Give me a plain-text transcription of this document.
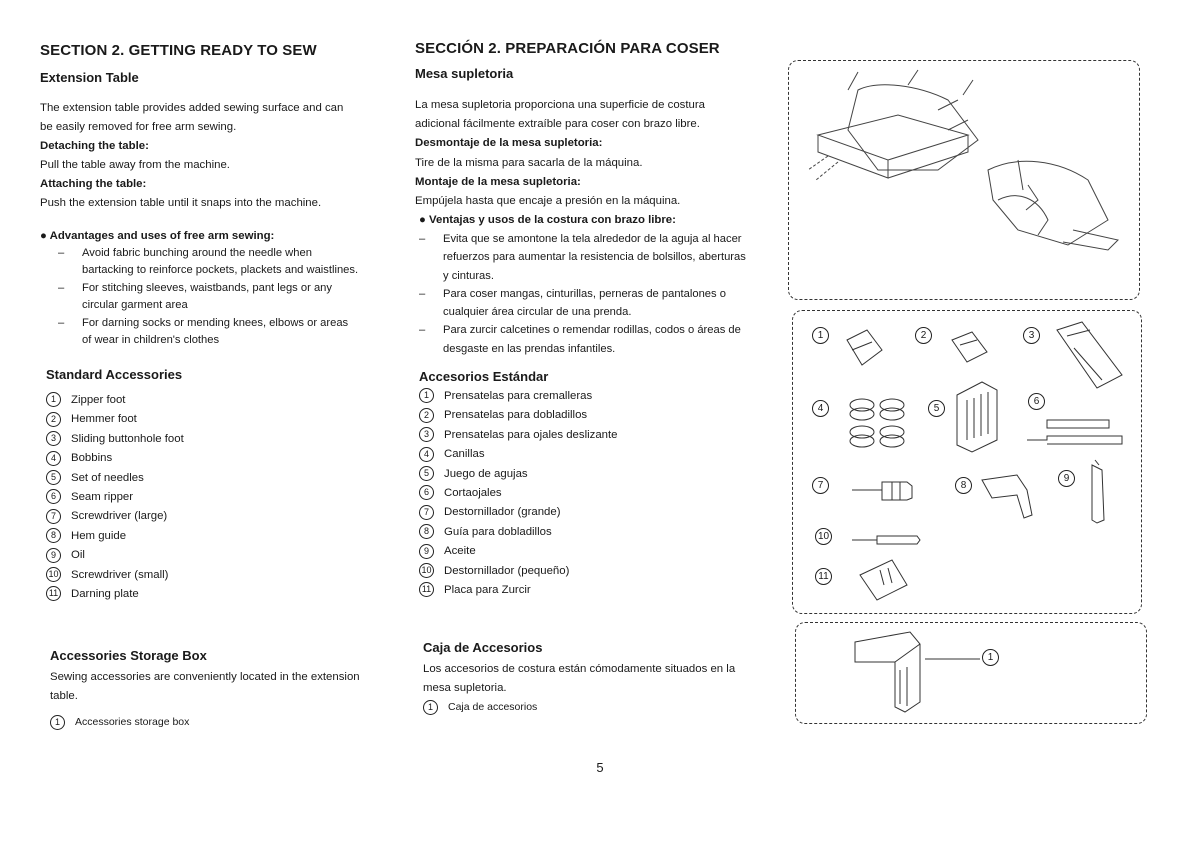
SECTION 2. GETTING READY TO SEW
Extension Table
The extension table provides added sewing surface and can
be easily removed for free arm sewing.
Detaching the table:
Pull the table away from the machine.
Attaching the table:
Push the extension table until it snaps into the machine.
● Advantages and uses of free arm sewing:
–	Avoid fabric bunching around the needle when
bartacking to reinforce pockets, plackets and waistlines.
–	For stitching sleeves, waistbands, pant legs or any
circular garment area
–	For darning socks or mending knees, elbows or areas
of wear in children's clothes
Standard Accessories
1 Zipper foot
2 Hemmer foot
3 Sliding buttonhole foot
4 Bobbins
5 Set of needles
6 Seam ripper
7 Screwdriver (large)
8 Hem guide
9 Oil
10 Screwdriver (small)
11 Darning plate
Accessories Storage Box
Sewing accessories are conveniently located in the extension
table.
1 Accessories storage box
SECCIÓN 2. PREPARACIÓN PARA COSER
Mesa supletoria
La mesa supletoria proporciona una superficie de costura
adicional fácilmente extraíble para coser con brazo libre.
Desmontaje de la mesa supletoria:
Tire de la misma para sacarla de la máquina.
Montaje de la mesa supletoria:
Empújela hasta que encaje a presión en la máquina.
● Ventajas y usos de la costura con brazo libre:
–	Evita que se amontone la tela alrededor de la aguja al hacer
refuerzos para aumentar la resistencia de bolsillos, aberturas
y cinturas.
–	Para coser mangas, cinturillas, perneras de pantalones o
cualquier área circular de una prenda.
–	Para zurcir calcetines o remendar rodillas, codos o áreas de
desgaste en las prendas infantiles.
Accesorios Estándar
1 Prensatelas para cremalleras
2 Prensatelas para dobladillos
3 Prensatelas para ojales deslizante
4 Canillas
5 Juego de agujas
6 Cortaojales
7 Destornillador (grande)
8 Guía para dobladillos
9 Aceite
10 Destornillador (pequeño)
11 Placa para Zurcir
Caja de Accesorios
Los accesorios de costura están cómodamente situados en la
mesa supletoria.
1 Caja de accesorios
1	2	3
4	5
6
7	8
9
10
11
1
5
